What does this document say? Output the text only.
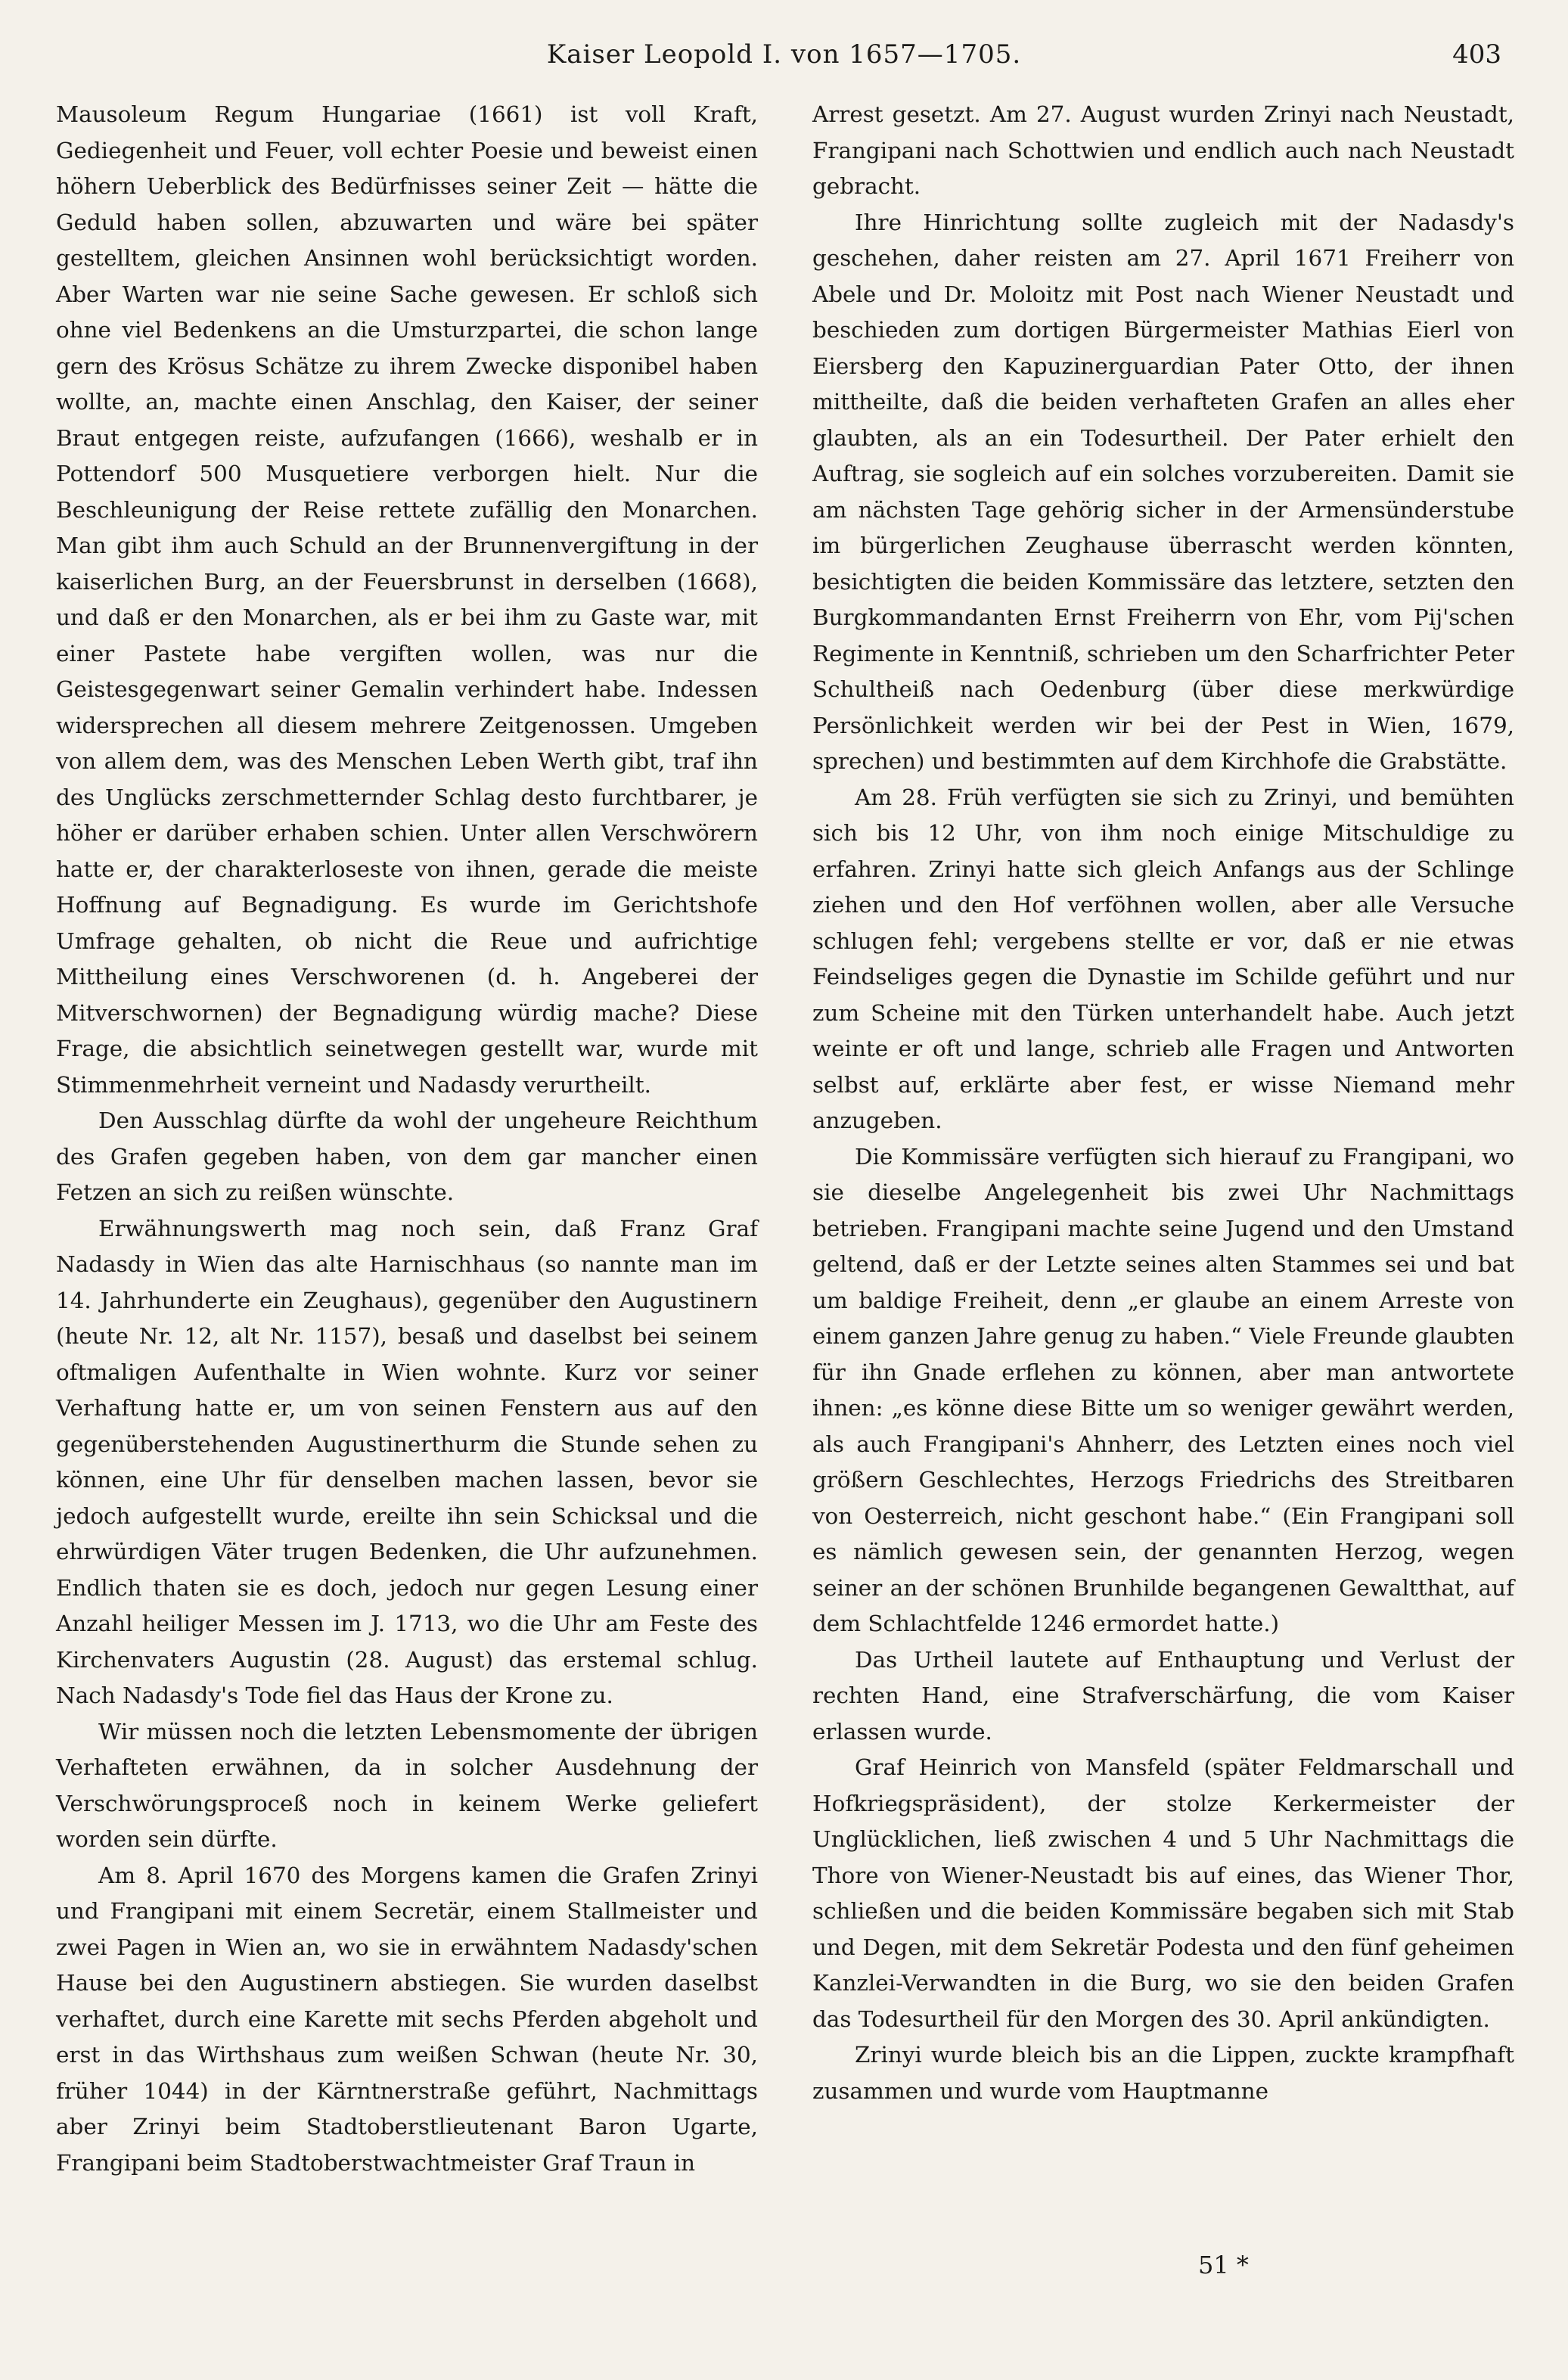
Kaiser Leopold I. von 1657—1705.	403

Mausoleum Regum Hungariae (1661) ist voll Kraft, Gediegenheit und Feuer, voll echter Poesie und beweist einen höhern Ueberblick des Bedürfnisses seiner Zeit — hätte die Geduld haben sollen, abzuwarten und wäre bei später gestelltem, gleichen Ansinnen wohl berücksichtigt worden. Aber Warten war nie seine Sache gewesen. Er schloß sich ohne viel Bedenkens an die Umsturzpartei, die schon lange gern des Krösus Schätze zu ihrem Zwecke disponibel haben wollte, an, machte einen Anschlag, den Kaiser, der seiner Braut entgegen reiste, aufzufangen (1666), weshalb er in Pottendorf 500 Musquetiere verborgen hielt. Nur die Beschleunigung der Reise rettete zufällig den Monarchen. Man gibt ihm auch Schuld an der Brunnenvergiftung in der kaiserlichen Burg, an der Feuersbrunst in derselben (1668), und daß er den Monarchen, als er bei ihm zu Gaste war, mit einer Pastete habe vergiften wollen, was nur die Geistesgegenwart seiner Gemalin verhindert habe. Indessen widersprechen all diesem mehrere Zeitgenossen. Umgeben von allem dem, was des Menschen Leben Werth gibt, traf ihn des Unglücks zerschmetternder Schlag desto furchtbarer, je höher er darüber erhaben schien. Unter allen Verschwörern hatte er, der charakterloseste von ihnen, gerade die meiste Hoffnung auf Begnadigung. Es wurde im Gerichtshofe Umfrage gehalten, ob nicht die Reue und aufrichtige Mittheilung eines Verschworenen (d. h. Angeberei der Mitverschwornen) der Begnadigung würdig mache? Diese Frage, die absichtlich seinetwegen gestellt war, wurde mit Stimmenmehrheit verneint und Nadasdy verurtheilt.

Den Ausschlag dürfte da wohl der ungeheure Reichthum des Grafen gegeben haben, von dem gar mancher einen Fetzen an sich zu reißen wünschte.

Erwähnungswerth mag noch sein, daß Franz Graf Nadasdy in Wien das alte Harnischhaus (so nannte man im 14. Jahrhunderte ein Zeughaus), gegenüber den Augustinern (heute Nr. 12, alt Nr. 1157), besaß und daselbst bei seinem oftmaligen Aufenthalte in Wien wohnte. Kurz vor seiner Verhaftung hatte er, um von seinen Fenstern aus auf den gegenüberstehenden Augustinerthurm die Stunde sehen zu können, eine Uhr für denselben machen lassen, bevor sie jedoch aufgestellt wurde, ereilte ihn sein Schicksal und die ehrwürdigen Väter trugen Bedenken, die Uhr aufzunehmen. Endlich thaten sie es doch, jedoch nur gegen Lesung einer Anzahl heiliger Messen im J. 1713, wo die Uhr am Feste des Kirchenvaters Augustin (28. August) das erstemal schlug. Nach Nadasdy's Tode fiel das Haus der Krone zu.

Wir müssen noch die letzten Lebensmomente der übrigen Verhafteten erwähnen, da in solcher Ausdehnung der Verschwörungsproceß noch in keinem Werke geliefert worden sein dürfte.

Am 8. April 1670 des Morgens kamen die Grafen Zrinyi und Frangipani mit einem Secretär, einem Stallmeister und zwei Pagen in Wien an, wo sie in erwähntem Nadasdy'schen Hause bei den Augustinern abstiegen. Sie wurden daselbst verhaftet, durch eine Karette mit sechs Pferden abgeholt und erst in das Wirthshaus zum weißen Schwan (heute Nr. 30, früher 1044) in der Kärntnerstraße geführt, Nachmittags aber Zrinyi beim Stadtoberstlieutenant Baron Ugarte, Frangipani beim Stadtoberstwachtmeister Graf Traun in

Arrest gesetzt. Am 27. August wurden Zrinyi nach Neustadt, Frangipani nach Schottwien und endlich auch nach Neustadt gebracht.

Ihre Hinrichtung sollte zugleich mit der Nadasdy's geschehen, daher reisten am 27. April 1671 Freiherr von Abele und Dr. Moloitz mit Post nach Wiener Neustadt und beschieden zum dortigen Bürgermeister Mathias Eierl von Eiersberg den Kapuzinerguardian Pater Otto, der ihnen mittheilte, daß die beiden verhafteten Grafen an alles eher glaubten, als an ein Todesurtheil. Der Pater erhielt den Auftrag, sie sogleich auf ein solches vorzubereiten. Damit sie am nächsten Tage gehörig sicher in der Armensünderstube im bürgerlichen Zeughause überrascht werden könnten, besichtigten die beiden Kommissäre das letztere, setzten den Burgkommandanten Ernst Freiherrn von Ehr, vom Pij'schen Regimente in Kenntniß, schrieben um den Scharfrichter Peter Schultheiß nach Oedenburg (über diese merkwürdige Persönlichkeit werden wir bei der Pest in Wien, 1679, sprechen) und bestimmten auf dem Kirchhofe die Grabstätte.

Am 28. Früh verfügten sie sich zu Zrinyi, und bemühten sich bis 12 Uhr, von ihm noch einige Mitschuldige zu erfahren. Zrinyi hatte sich gleich Anfangs aus der Schlinge ziehen und den Hof verföhnen wollen, aber alle Versuche schlugen fehl; vergebens stellte er vor, daß er nie etwas Feindseliges gegen die Dynastie im Schilde geführt und nur zum Scheine mit den Türken unterhandelt habe. Auch jetzt weinte er oft und lange, schrieb alle Fragen und Antworten selbst auf, erklärte aber fest, er wisse Niemand mehr anzugeben.

Die Kommissäre verfügten sich hierauf zu Frangipani, wo sie dieselbe Angelegenheit bis zwei Uhr Nachmittags betrieben. Frangipani machte seine Jugend und den Umstand geltend, daß er der Letzte seines alten Stammes sei und bat um baldige Freiheit, denn „er glaube an einem Arreste von einem ganzen Jahre genug zu haben.“ Viele Freunde glaubten für ihn Gnade erflehen zu können, aber man antwortete ihnen: „es könne diese Bitte um so weniger gewährt werden, als auch Frangipani's Ahnherr, des Letzten eines noch viel größern Geschlechtes, Herzogs Friedrichs des Streitbaren von Oesterreich, nicht geschont habe.“ (Ein Frangipani soll es nämlich gewesen sein, der genannten Herzog, wegen seiner an der schönen Brunhilde begangenen Gewaltthat, auf dem Schlachtfelde 1246 ermordet hatte.)

Das Urtheil lautete auf Enthauptung und Verlust der rechten Hand, eine Strafverschärfung, die vom Kaiser erlassen wurde.

Graf Heinrich von Mansfeld (später Feldmarschall und Hofkriegspräsident), der stolze Kerkermeister der Unglücklichen, ließ zwischen 4 und 5 Uhr Nachmittags die Thore von Wiener-Neustadt bis auf eines, das Wiener Thor, schließen und die beiden Kommissäre begaben sich mit Stab und Degen, mit dem Sekretär Podesta und den fünf geheimen Kanzlei-Verwandten in die Burg, wo sie den beiden Grafen das Todesurtheil für den Morgen des 30. April ankündigten.

Zrinyi wurde bleich bis an die Lippen, zuckte krampfhaft zusammen und wurde vom Hauptmanne

51 *
